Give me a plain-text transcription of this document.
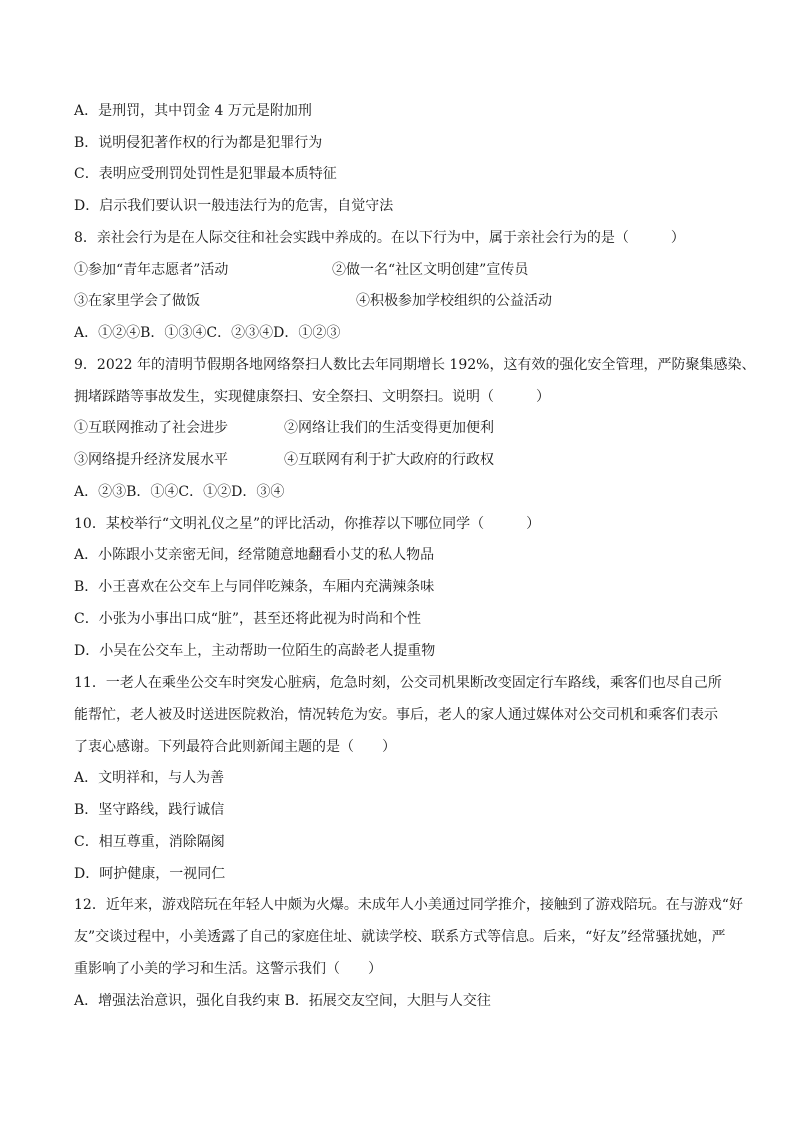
A．是刑罚，其中罚金 4 万元是附加刑
B．说明侵犯著作权的行为都是犯罪行为
C．表明应受刑罚处罚性是犯罪最本质特征
D．启示我们要认识一般违法行为的危害，自觉守法
8．亲社会行为是在人际交往和社会实践中养成的。在以下行为中，属于亲社会行为的是（　　　）
①参加“青年志愿者”活动	②做一名“社区文明创建”宣传员
③在家里学会了做饭	④积极参加学校组织的公益活动
A．①②④B．①③④C．②③④D．①②③
9．2022 年的清明节假期各地网络祭扫人数比去年同期增长 192%，这有效的强化安全管理，严防聚集感染、
拥堵踩踏等事故发生，实现健康祭扫、安全祭扫、文明祭扫。说明（　　　）
①互联网推动了社会进步	②网络让我们的生活变得更加便利
③网络提升经济发展水平	④互联网有利于扩大政府的行政权
A．②③B．①④C．①②D．③④
10．某校举行“文明礼仪之星”的评比活动，你推荐以下哪位同学（　　　）
A．小陈跟小艾亲密无间，经常随意地翻看小艾的私人物品
B．小王喜欢在公交车上与同伴吃辣条，车厢内充满辣条味
C．小张为小事出口成“脏”，甚至还将此视为时尚和个性
D．小吴在公交车上，主动帮助一位陌生的高龄老人提重物
11．一老人在乘坐公交车时突发心脏病，危急时刻，公交司机果断改变固定行车路线，乘客们也尽自己所
能帮忙，老人被及时送进医院救治，情况转危为安。事后，老人的家人通过媒体对公交司机和乘客们表示
了衷心感谢。下列最符合此则新闻主题的是（　　）
A．文明祥和，与人为善
B．坚守路线，践行诚信
C．相互尊重，消除隔阂
D．呵护健康，一视同仁
12．近年来，游戏陪玩在年轻人中颇为火爆。未成年人小美通过同学推介，接触到了游戏陪玩。在与游戏“好
友”交谈过程中，小美透露了自己的家庭住址、就读学校、联系方式等信息。后来，“好友”经常骚扰她，严
重影响了小美的学习和生活。这警示我们（　　）
A．增强法治意识，强化自我约束 B．拓展交友空间，大胆与人交往
